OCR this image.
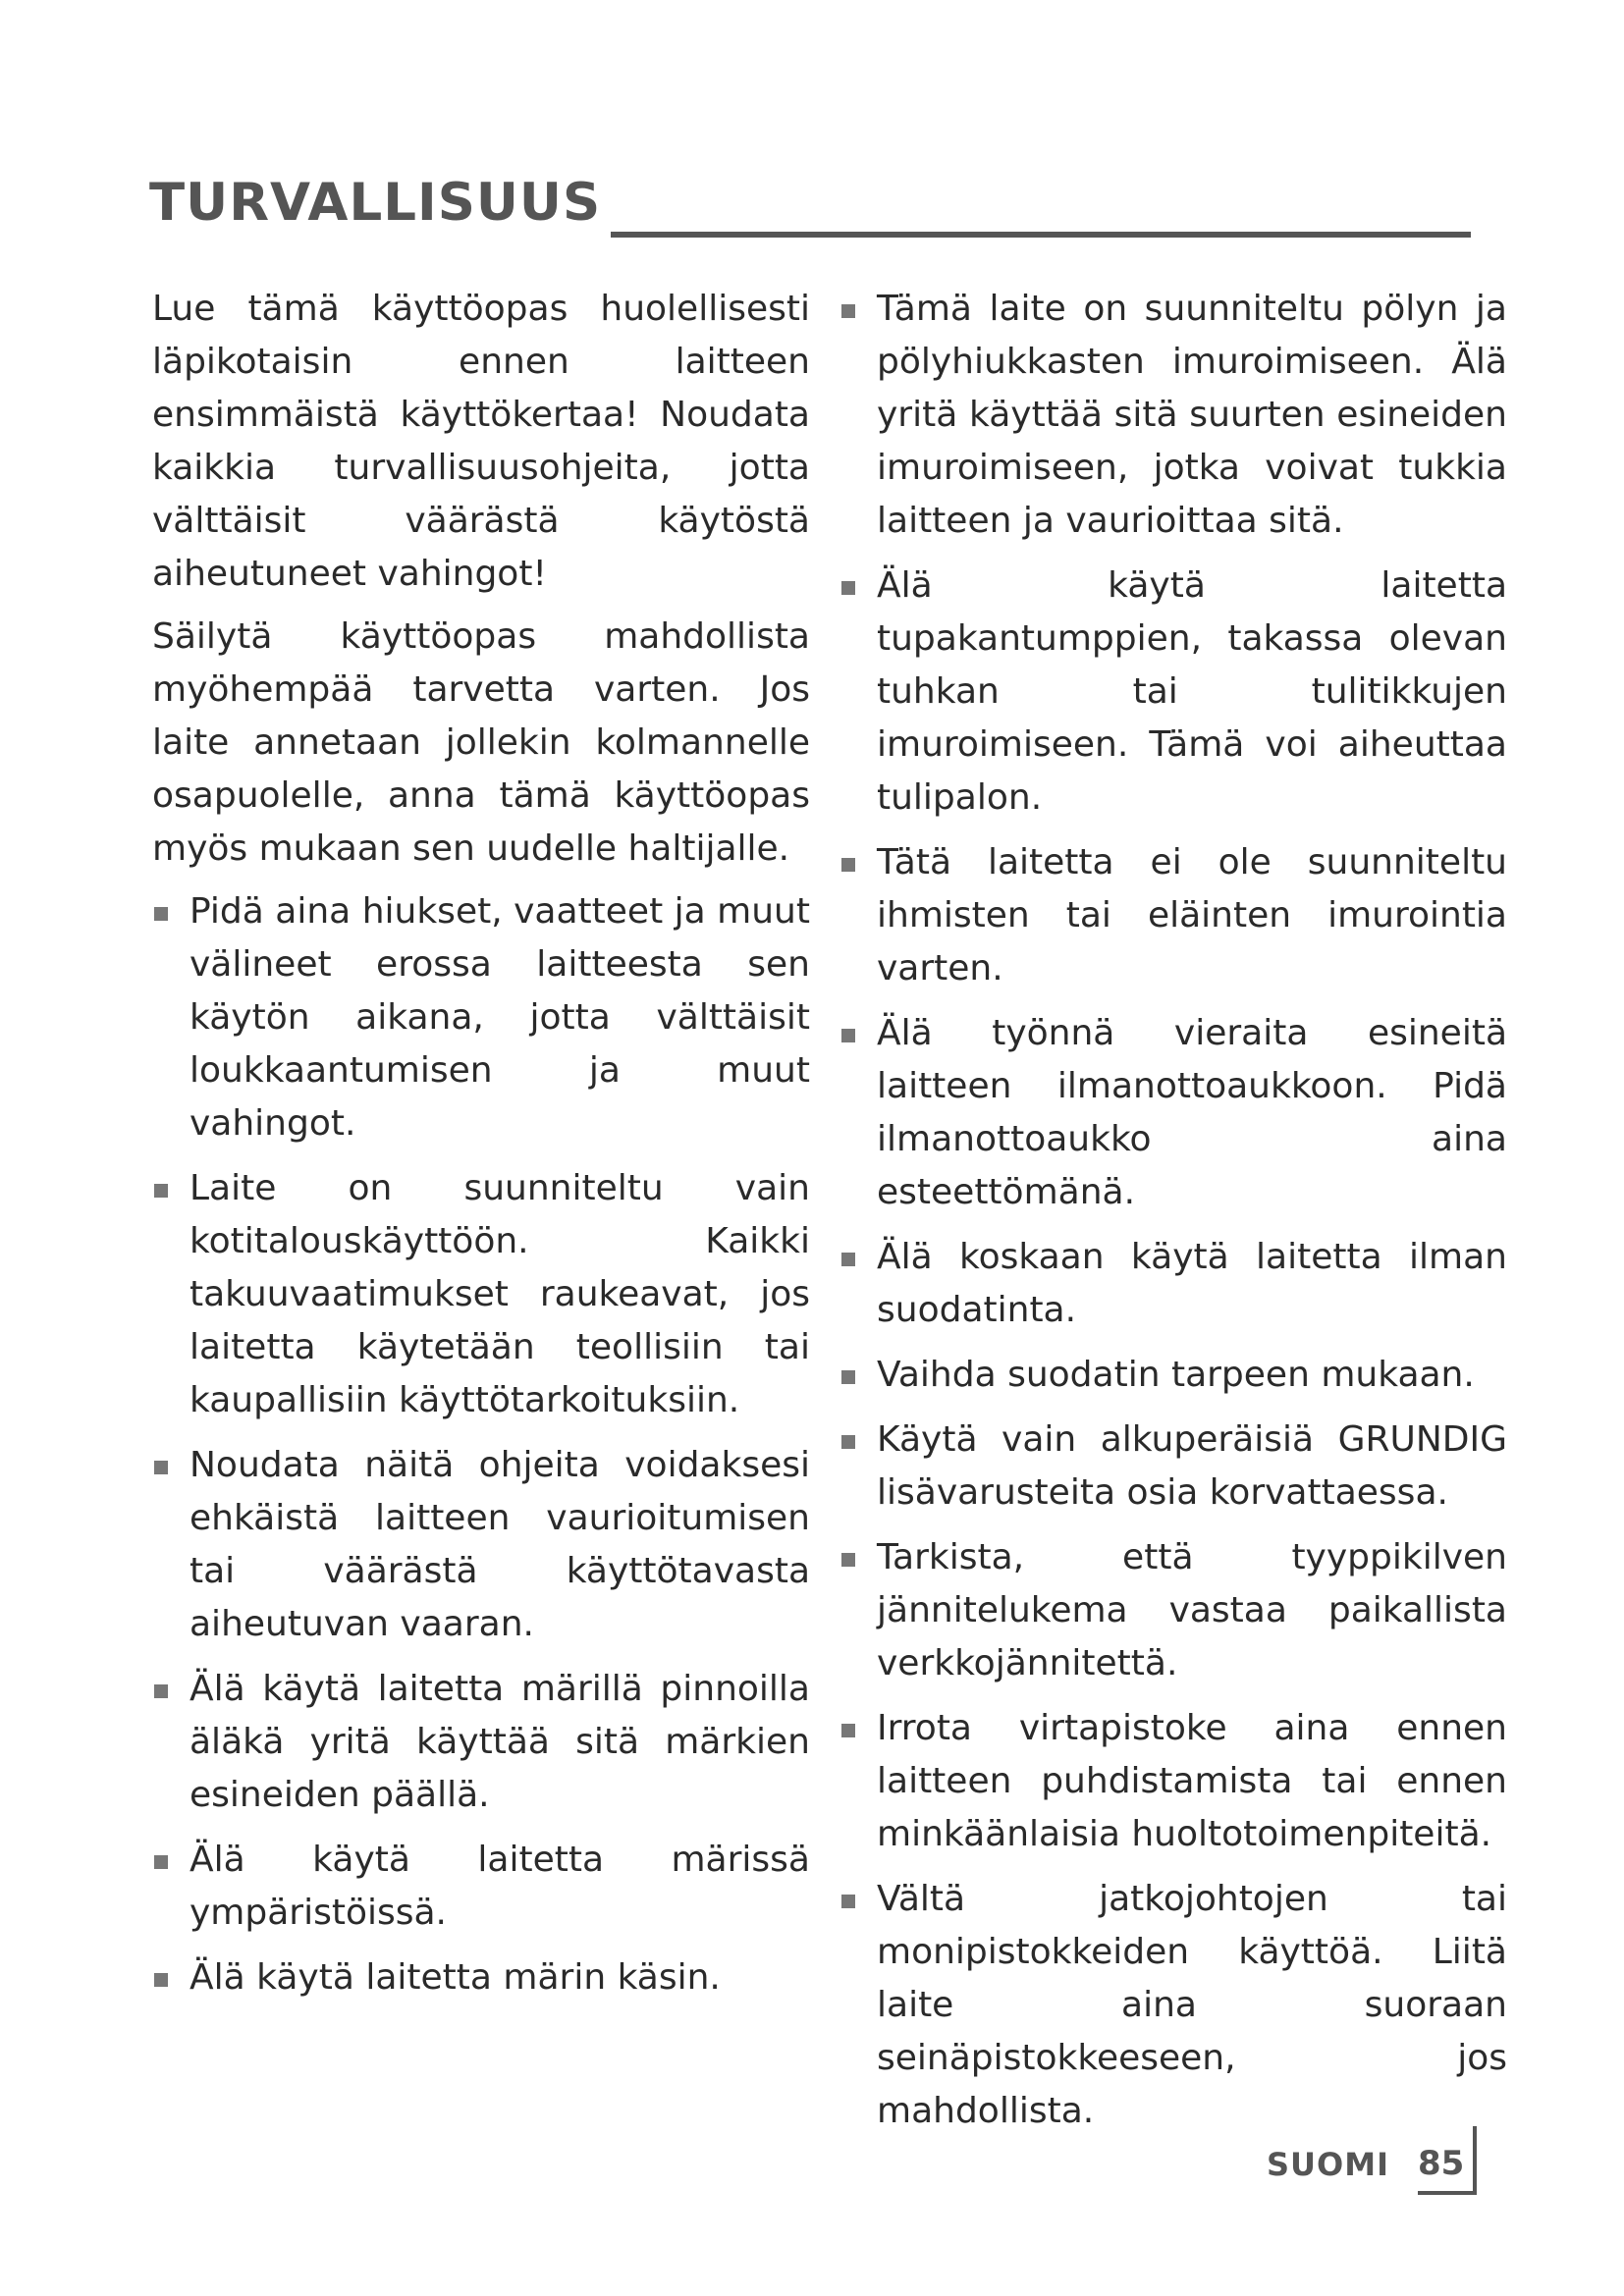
TURVALLISUUS

Lue tämä käyttöopas huolellisesti läpikotaisin ennen laitteen ensimmäistä käyttökertaa! Noudata kaikkia turvallisuusohjeita, jotta välttäisit väärästä käytöstä aiheutuneet vahingot!

Säilytä käyttöopas mahdollista myöhempää tarvetta varten. Jos laite annetaan jollekin kolmannelle osapuolelle, anna tämä käyttöopas myös mukaan sen uudelle haltijalle.

Pidä aina hiukset, vaatteet ja muut välineet erossa laitteesta sen käytön aikana, jotta välttäisit loukkaantumisen ja muut vahingot.
Laite on suunniteltu vain kotitalouskäyttöön. Kaikki takuuvaatimukset raukeavat, jos laitetta käytetään teollisiin tai kaupallisiin käyttötarkoituksiin.
Noudata näitä ohjeita voidaksesi ehkäistä laitteen vaurioitumisen tai väärästä käyttötavasta aiheutuvan vaaran.
Älä käytä laitetta märillä pinnoilla äläkä yritä käyttää sitä märkien esineiden päällä.
Älä käytä laitetta märissä ympäristöissä.
Älä käytä laitetta märin käsin.
Tämä laite on suunniteltu pölyn ja pölyhiukkasten imuroimiseen. Älä yritä käyttää sitä suurten esineiden imuroimiseen, jotka voivat tukkia laitteen ja vaurioittaa sitä.
Älä käytä laitetta tupakantumppien, takassa olevan tuhkan tai tulitikkujen imuroimiseen. Tämä voi aiheuttaa tulipalon.
Tätä laitetta ei ole suunniteltu ihmisten tai eläinten imurointia varten.
Älä työnnä vieraita esineitä laitteen ilmanottoaukkoon. Pidä ilmanottoaukko aina esteettömänä.
Älä koskaan käytä laitetta ilman suodatinta.
Vaihda suodatin tarpeen mukaan.
Käytä vain alkuperäisiä GRUNDIG lisävarusteita osia korvattaessa.
Tarkista, että tyyppikilven jännitelukema vastaa paikallista verkkojännitettä.
Irrota virtapistoke aina ennen laitteen puhdistamista tai ennen minkäänlaisia huoltotoimenpiteitä.
Vältä jatkojohtojen tai monipistokkeiden käyttöä. Liitä laite aina suoraan seinäpistokkeeseen, jos mahdollista.
SUOMI 85
